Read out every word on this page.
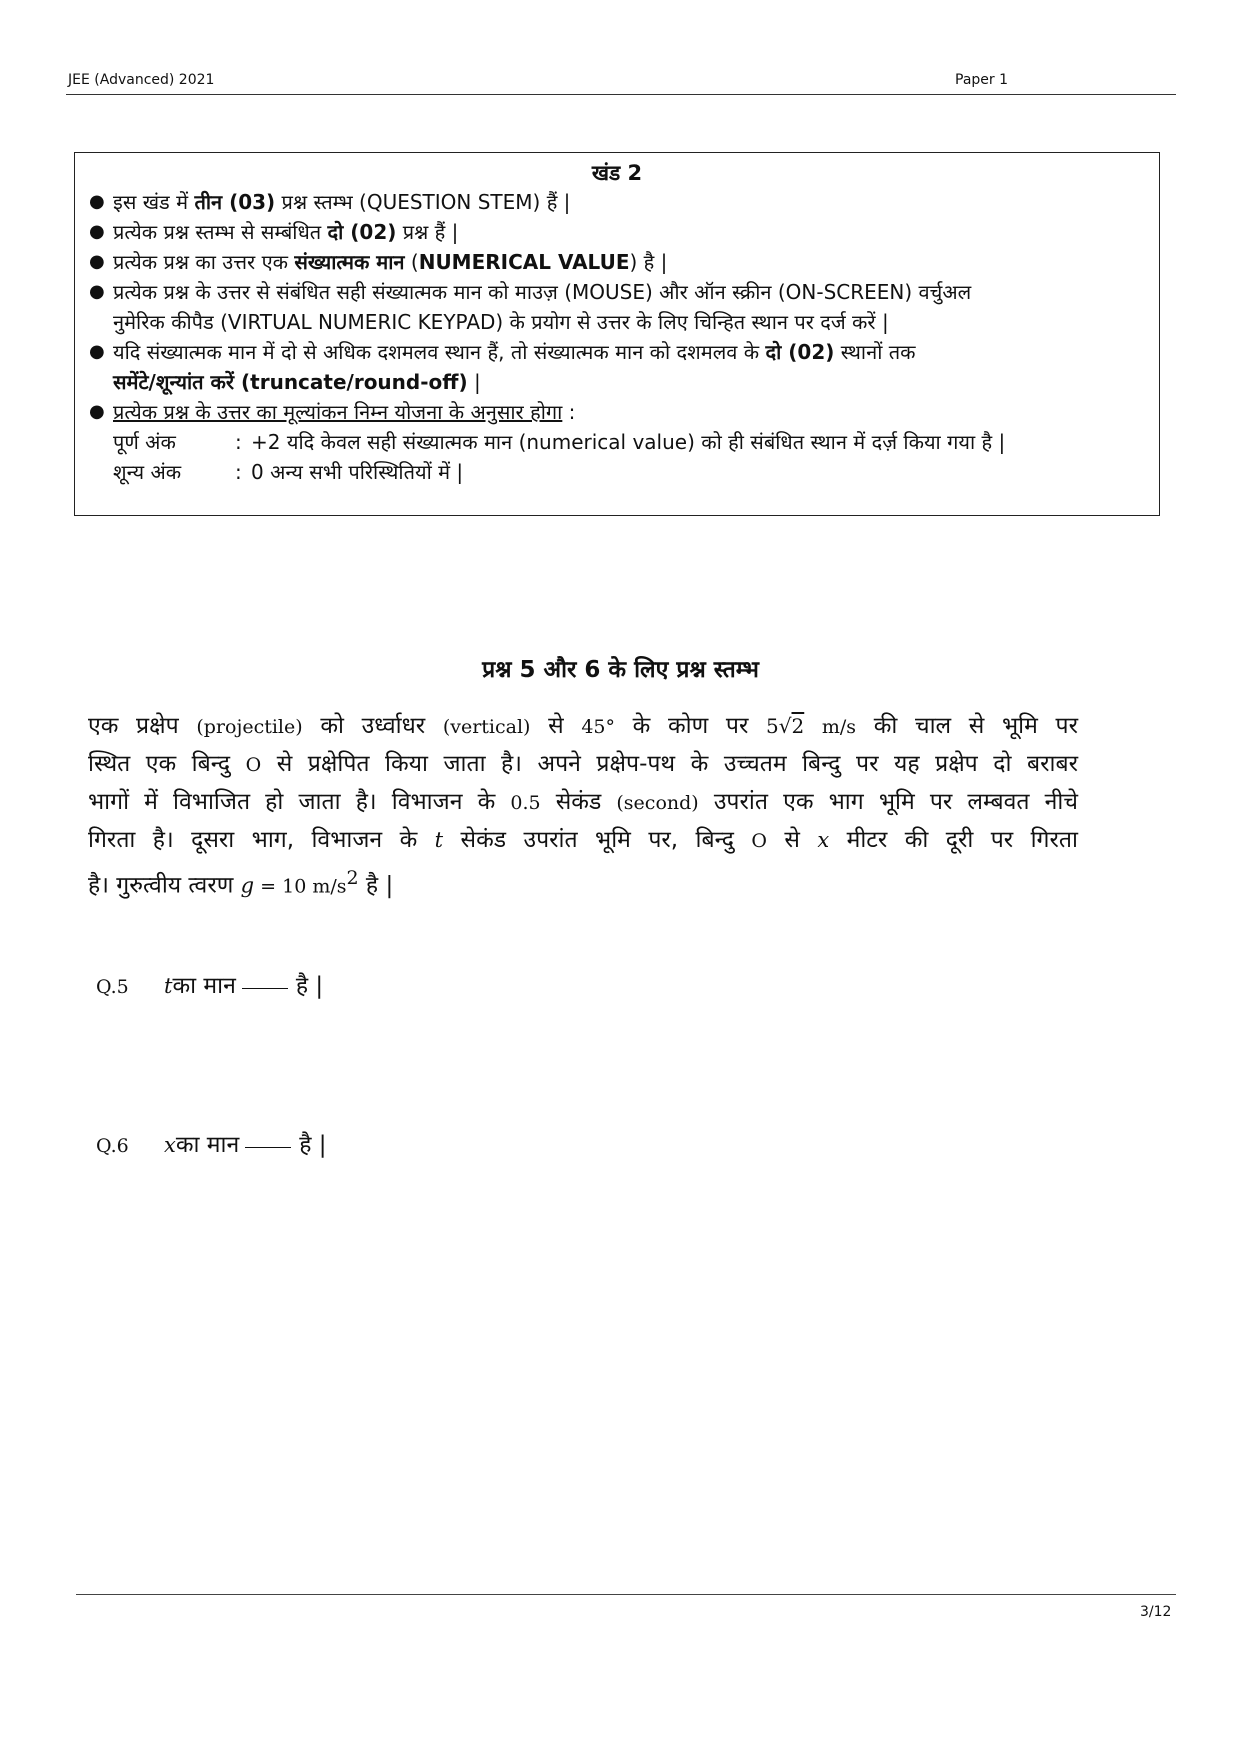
JEE (Advanced) 2021	Paper 1
खंड 2
● इस खंड में तीन (03) प्रश्न स्तम्भ (QUESTION STEM) हैं |
● प्रत्येक प्रश्न स्तम्भ से सम्बंधित दो (02) प्रश्न हैं |
● प्रत्येक प्रश्न का उत्तर एक संख्यात्मक मान (NUMERICAL VALUE) है |
● प्रत्येक प्रश्न के उत्तर से संबंधित सही संख्यात्मक मान को माउज़ (MOUSE) और ऑन स्क्रीन (ON-SCREEN) वर्चुअल
नुमेरिक कीपैड (VIRTUAL NUMERIC KEYPAD) के प्रयोग से उत्तर के लिए चिन्हित स्थान पर दर्ज करें |
● यदि संख्यात्मक मान में दो से अधिक दशमलव स्थान हैं, तो संख्यात्मक मान को दशमलव के दो (02) स्थानों तक
समेंटे/शून्यांत करें (truncate/round-off) |
● प्रत्येक प्रश्न के उत्तर का मूल्यांकन निम्न योजना के अनुसार होगा :
पूर्ण अंक	: +2 यदि केवल सही संख्यात्मक मान (numerical value) को ही संबंधित स्थान में दर्ज़ किया गया है |
शून्य अंक	: 0 अन्य सभी परिस्थितियों में |
प्रश्न 5 और 6 के लिए प्रश्न स्तम्भ
एक प्रक्षेप (projectile) को उर्ध्वाधर (vertical) से 45° के कोण पर 5√2 m/s की चाल से भूमि पर
स्थित एक बिन्दु O से प्रक्षेपित किया जाता है। अपने प्रक्षेप-पथ के उच्चतम बिन्दु पर यह प्रक्षेप दो बराबर
भागों में विभाजित हो जाता है। विभाजन के 0.5 सेकंड (second) उपरांत एक भाग भूमि पर लम्बवत नीचे
गिरता है। दूसरा भाग, विभाजन के t सेकंड उपरांत भूमि पर, बिन्दु O से x मीटर की दूरी पर गिरता
है। गुरुत्वीय त्वरण g = 10 $m/s^2$ है |
Q.5	t का मान	है |
Q.6	x का मान	है |
3/12
